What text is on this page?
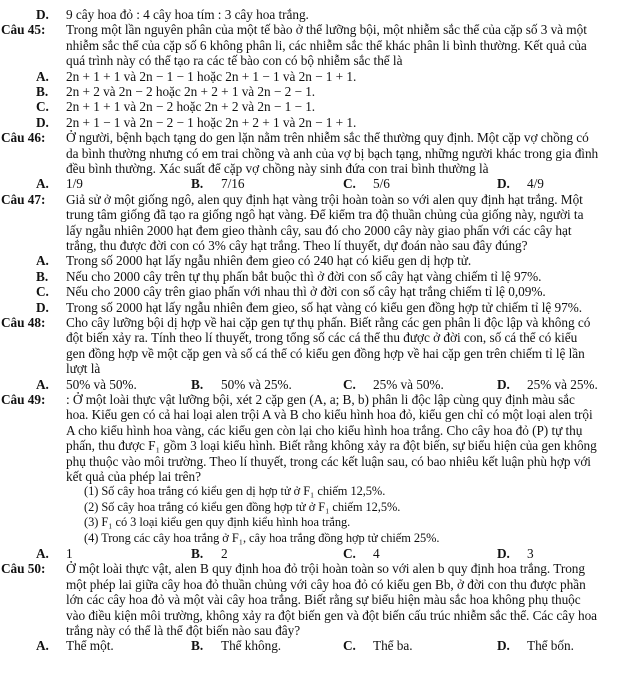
D. 9 cây hoa đỏ : 4 cây hoa tím : 3 cây hoa trắng.
Câu 45: Trong một lần nguyên phân của một tế bào ở thể lưỡng bội, một nhiễm sắc thể của cặp số 3 và một
nhiễm sắc thể của cặp số 6 không phân li, các nhiễm sắc thể khác phân li bình thường. Kết quả của
quá trình này có thể tạo ra các tế bào con có bộ nhiễm sắc thể là
A. 2n + 1 + 1 và 2n − 1 − 1 hoặc 2n + 1 − 1 và 2n − 1 + 1.
B. 2n + 2 và 2n − 2 hoặc 2n + 2 + 1 và 2n − 2 − 1.
C. 2n + 1 + 1 và 2n − 2 hoặc 2n + 2 và 2n − 1 − 1.
D. 2n + 1 − 1 và 2n − 2 − 1 hoặc 2n + 2 + 1 và 2n − 1 + 1.
Câu 46: Ở người, bệnh bạch tạng do gen lặn nằm trên nhiễm sắc thể thường quy định. Một cặp vợ chồng có
da bình thường nhưng có em trai chồng và anh của vợ bị bạch tạng, những người khác trong gia đình
đều bình thường. Xác suất để cặp vợ chồng này sinh đứa con trai bình thường là
A. 1/9	B. 7/16	C. 5/6	D. 4/9
Câu 47: Giả sử ở một giống ngô, alen quy định hạt vàng trội hoàn toàn so với alen quy định hạt trắng. Một
trung tâm giống đã tạo ra giống ngô hạt vàng. Để kiểm tra độ thuần chủng của giống này, người ta
lấy ngẫu nhiên 2000 hạt đem gieo thành cây, sau đó cho 2000 cây này giao phấn với các cây hạt
trắng, thu được đời con có 3% cây hạt trắng. Theo lí thuyết, dự đoán nào sau đây đúng?
A. Trong số 2000 hạt lấy ngẫu nhiên đem gieo có 240 hạt có kiểu gen dị hợp tử.
B. Nếu cho 2000 cây trên tự thụ phấn bắt buộc thì ở đời con số cây hạt vàng chiếm tỉ lệ 97%.
C. Nếu cho 2000 cây trên giao phấn với nhau thì ở đời con số cây hạt trắng chiếm tỉ lệ 0,09%.
D. Trong số 2000 hạt lấy ngẫu nhiên đem gieo, số hạt vàng có kiểu gen đồng hợp tử chiếm tỉ lệ 97%.
Câu 48: Cho cây lưỡng bội dị hợp về hai cặp gen tự thụ phấn. Biết rằng các gen phân li độc lập và không có
đột biến xảy ra. Tính theo lí thuyết, trong tổng số các cá thể thu được ở đời con, số cá thể có kiểu
gen đồng hợp về một cặp gen và số cá thể có kiểu gen đồng hợp về hai cặp gen trên chiếm tỉ lệ lần
lượt là
A. 50% và 50%.	B. 50% và 25%.	C. 25% và 50%.	D. 25% và 25%.
Câu 49: : Ở một loài thực vật lưỡng bội, xét 2 cặp gen (A, a; B, b) phân li độc lập cùng quy định màu sắc
hoa. Kiểu gen có cả hai loại alen trội A và B cho kiểu hình hoa đỏ, kiểu gen chỉ có một loại alen trội
A cho kiểu hình hoa vàng, các kiểu gen còn lại cho kiểu hình hoa trắng. Cho cây hoa đỏ (P) tự thụ
phấn, thu được F₁ gồm 3 loại kiểu hình. Biết rằng không xảy ra đột biến, sự biểu hiện của gen không
phụ thuộc vào môi trường. Theo lí thuyết, trong các kết luận sau, có bao nhiêu kết luận phù hợp với
kết quả của phép lai trên?
(1) Số cây hoa trắng có kiểu gen dị hợp tử ở F₁ chiếm 12,5%.
(2) Số cây hoa trắng có kiểu gen đồng hợp tử ở F₁ chiếm 12,5%.
(3) F₁ có 3 loại kiểu gen quy định kiểu hình hoa trắng.
(4) Trong các cây hoa trắng ở F₁, cây hoa trắng đồng hợp tử chiếm 25%.
A. 1	B. 2	C. 4	D. 3
Câu 50: Ở một loài thực vật, alen B quy định hoa đỏ trội hoàn toàn so với alen b quy định hoa trắng. Trong
một phép lai giữa cây hoa đỏ thuần chủng với cây hoa đỏ có kiểu gen Bb, ở đời con thu được phần
lớn các cây hoa đỏ và một vài cây hoa trắng. Biết rằng sự biểu hiện màu sắc hoa không phụ thuộc
vào điều kiện môi trường, không xảy ra đột biến gen và đột biến cấu trúc nhiễm sắc thể. Các cây hoa
trắng này có thể là thể đột biến nào sau đây?
A. Thể một.	B. Thể không.	C. Thể ba.	D. Thể bốn.
